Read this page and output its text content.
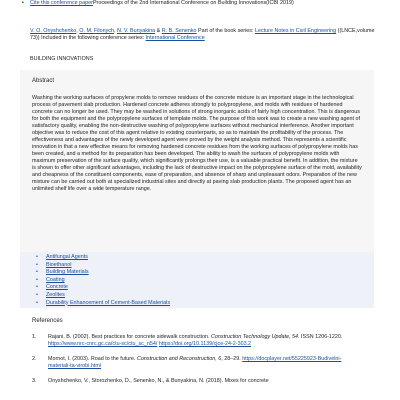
▪ Cite this conference paperProceedings of the 2nd International Conference on Building Innovations(ICBI 2019)

V. O. Onyshchenko, O. M. Filonych, N. V. Bunyakina & R. B. Senenko Part of the book series: Lecture Notes in Civil Engineering ((LNCE,volume 73)) Included in the following conference series: International Conference
BUILDING INNOVATIONS

Abstract

Washing the working surfaces of propylene molds to remove residues of the concrete mixture is an important stage in the technological process of pavement slab production. Hardened concrete adheres strongly to polypropylene, and molds with residues of hardened concrete can no longer be used. They may be washed in solutions of strong inorganic acids of fairly high concentration. This is dangerous for both the equipment and the polypropylene surfaces of template molds. The purpose of this work was to create a new washing agent of satisfactory quality, enabling the non-destructive washing of polypropylene surfaces without mechanical interference. Another important objective was to reduce the cost of this agent relative to existing counterparts, so as to maintain the profitability of the process. The effectiveness and advantages of the newly developed agent were proved by the weight analysis method. This represents a scientific innovation in that a new effective means for removing hardened concrete residues from the working surfaces of polypropylene molds has been created, and a method for its preparation has been developed. The ability to wash the surfaces of polypropylene molds with maximum preservation of the surface quality, which significantly prolongs their use, is a valuable practical benefit. In addition, the mixture is shown to offer other significant advantages, including the lack of destructive impact on the polypropylene surface of the mold, availability and cheapness of the constituent components, ease of preparation, and absence of sharp and unpleasant odors. Preparation of the new mixture can be carried out both at specialized industrial sites and directly at paving slab production plants. The proposed agent has an unlimited shelf life over a wide temperature range.

• Antifungal Agents
• Bioethanol
• Building Materials
• Coating
• Concrete
• Zeolites
• Durability Enhancement of Cement-Based Materials

References

1. Rajani, B. (2002). Best practices for concrete sidewalk construction. Construction Technology Update, 54. ISSN 1206-1220. https://www.nrc-cnrc.gc.ca/ctu-sc/ctu_sc_n54/ https://doi.org/10.1139/cjce-24-2-303.2
2. Mornot, I. (2003). Road to the future. Construction and Reconstruction, 6, 28–29. https://docplayer.net/55225923-Budivelni-materiali-ta-virobi.html
3. Onyshchenko, V., Storozhenko, D., Senenko, N., & Bunyakina, N. (2018). Mixes for concrete
